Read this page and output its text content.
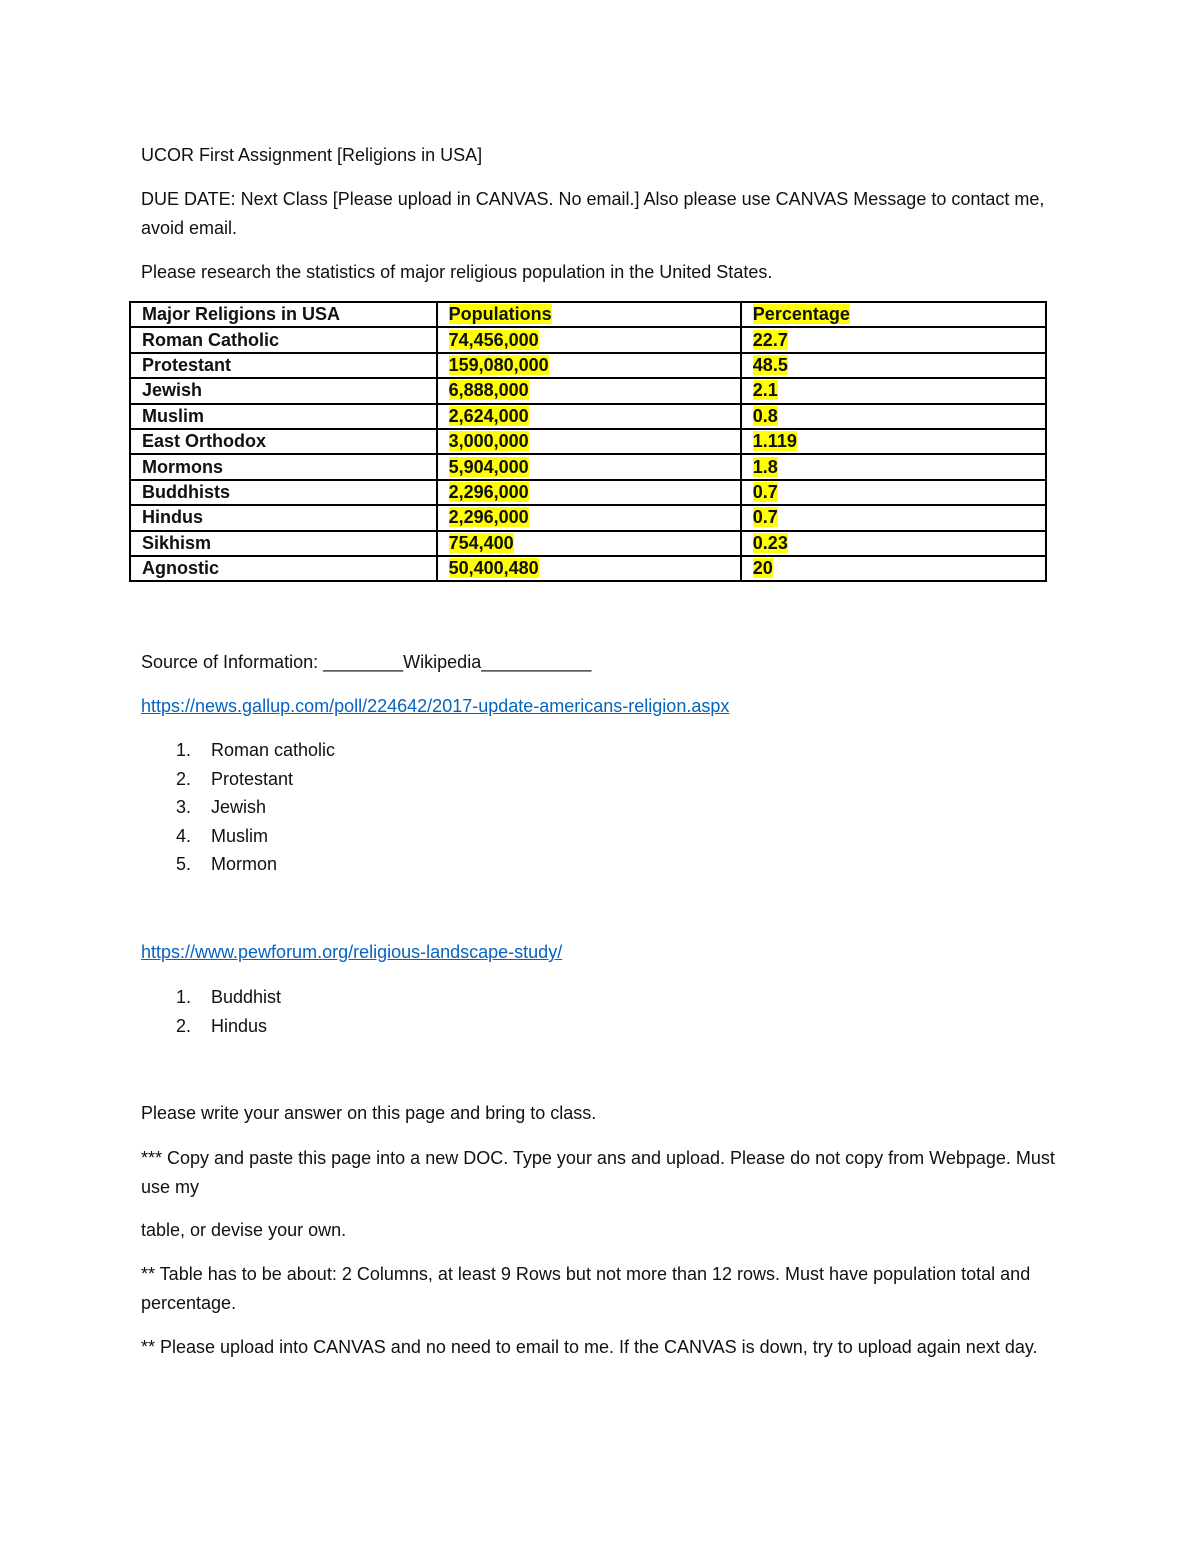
UCOR First Assignment [Religions in USA]

DUE DATE: Next Class [Please upload in CANVAS. No email.] Also please use CANVAS Message to contact me, avoid email.

Please research the statistics of major religious population in the United States.

Major Religions in USA	Populations	Percentage
Roman Catholic	74,456,000	22.7
Protestant	159,080,000	48.5
Jewish	6,888,000	2.1
Muslim	2,624,000	0.8
East Orthodox	3,000,000	1.119
Mormons	5,904,000	1.8
Buddhists	2,296,000	0.7
Hindus	2,296,000	0.7
Sikhism	754,400	0.23
Agnostic	50,400,480	20

Source of Information: ________Wikipedia___________

https://news.gallup.com/poll/224642/2017-update-americans-religion.aspx

1. Roman catholic
2. Protestant
3. Jewish
4. Muslim
5. Mormon

https://www.pewforum.org/religious-landscape-study/

1. Buddhist
2. Hindus

Please write your answer on this page and bring to class.

*** Copy and paste this page into a new DOC. Type your ans and upload. Please do not copy from Webpage. Must use my

table, or devise your own.

** Table has to be about: 2 Columns, at least 9 Rows but not more than 12 rows. Must have population total and percentage.

** Please upload into CANVAS and no need to email to me. If the CANVAS is down, try to upload again next day.
